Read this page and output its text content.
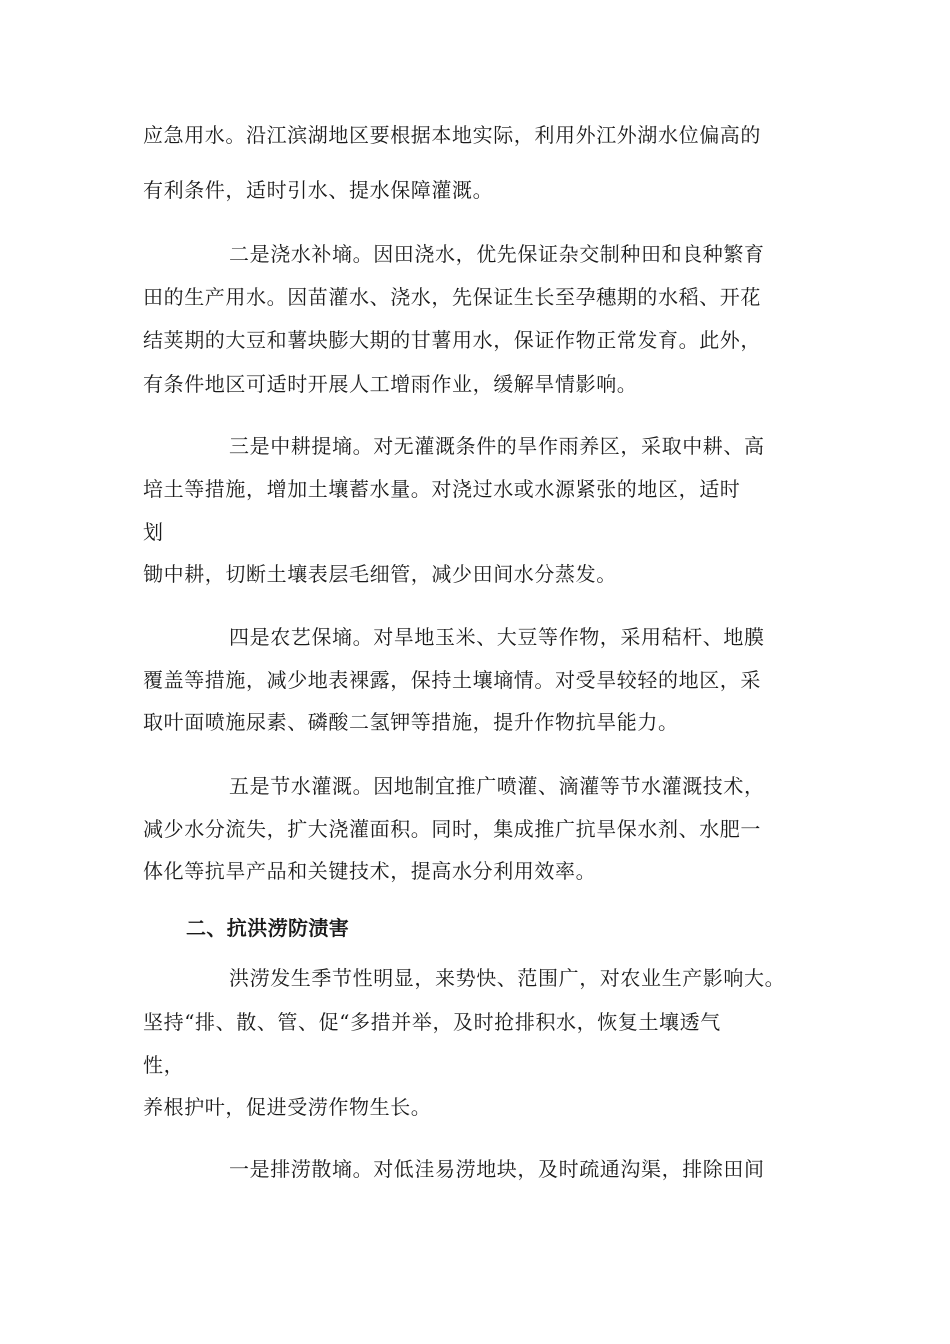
应急用水。沿江滨湖地区要根据本地实际，利用外江外湖水位偏高的
有利条件，适时引水、提水保障灌溉。
二是浇水补墒。因田浇水，优先保证杂交制种田和良种繁育
田的生产用水。因苗灌水、浇水，先保证生长至孕穗期的水稻、开花
结荚期的大豆和薯块膨大期的甘薯用水，保证作物正常发育。此外，
有条件地区可适时开展人工增雨作业，缓解旱情影响。
三是中耕提墒。对无灌溉条件的旱作雨养区，采取中耕、高
培土等措施，增加土壤蓄水量。对浇过水或水源紧张的地区，适时
划
锄中耕，切断土壤表层毛细管，减少田间水分蒸发。
四是农艺保墒。对旱地玉米、大豆等作物，采用秸杆、地膜
覆盖等措施，减少地表裸露，保持土壤墒情。对受旱较轻的地区，采
取叶面喷施尿素、磷酸二氢钾等措施，提升作物抗旱能力。
五是节水灌溉。因地制宜推广喷灌、滴灌等节水灌溉技术，
减少水分流失，扩大浇灌面积。同时，集成推广抗旱保水剂、水肥一
体化等抗旱产品和关键技术，提高水分利用效率。
二、抗洪涝防渍害
洪涝发生季节性明显，来势快、范围广，对农业生产影响大。
坚持“排、散、管、促“多措并举，及时抢排积水，恢复土壤透气
性，
养根护叶，促进受涝作物生长。
一是排涝散墒。对低洼易涝地块，及时疏通沟渠，排除田间
